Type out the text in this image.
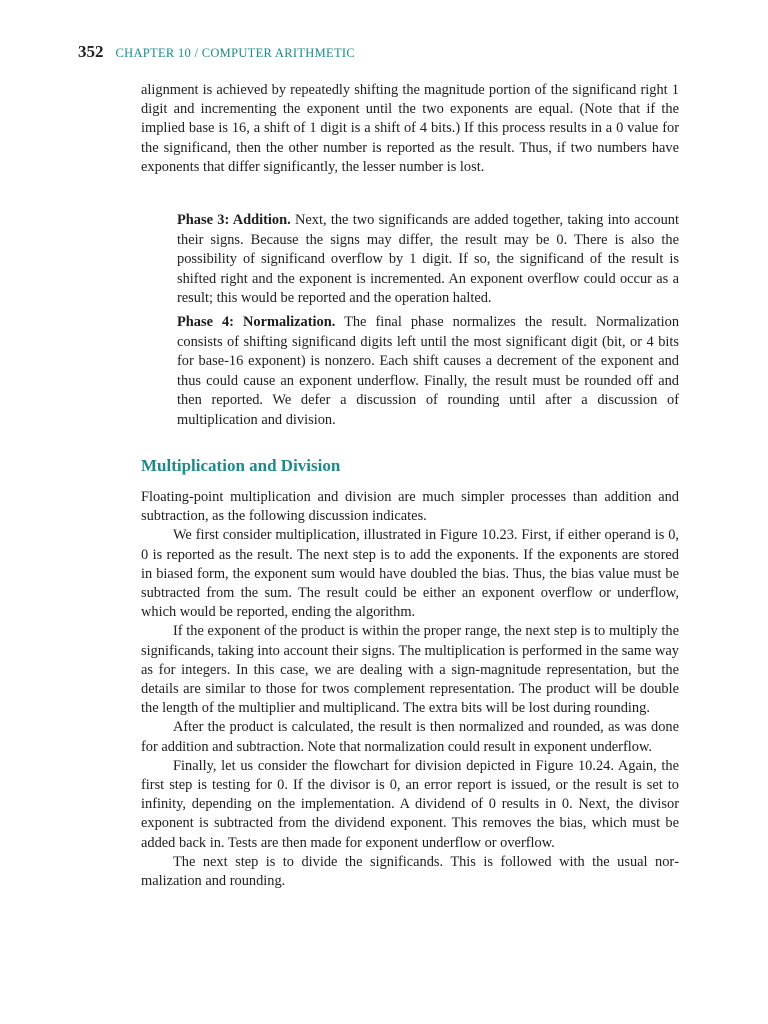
352 CHAPTER 10 / COMPUTER ARITHMETIC

alignment is achieved by repeatedly shifting the magnitude portion of the significand right 1 digit and incrementing the exponent until the two exponents are equal. (Note that if the implied base is 16, a shift of 1 digit is a shift of 4 bits.) If this process results in a 0 value for the significand, then the other number is reported as the result. Thus, if two numbers have exponents that differ significantly, the lesser number is lost.

Phase 3: Addition. Next, the two significands are added together, taking into account their signs. Because the signs may differ, the result may be 0. There is also the possibility of significand overflow by 1 digit. If so, the significand of the result is shifted right and the exponent is incremented. An exponent overflow could occur as a result; this would be reported and the operation halted.

Phase 4: Normalization. The final phase normalizes the result. Normalization consists of shifting significand digits left until the most significant digit (bit, or 4 bits for base-16 exponent) is nonzero. Each shift causes a decrement of the exponent and thus could cause an exponent underflow. Finally, the result must be rounded off and then reported. We defer a discussion of rounding until after a discussion of multiplication and division.

Multiplication and Division

Floating-point multiplication and division are much simpler processes than addition and subtraction, as the following discussion indicates.

We first consider multiplication, illustrated in Figure 10.23. First, if either operand is 0, 0 is reported as the result. The next step is to add the exponents. If the exponents are stored in biased form, the exponent sum would have doubled the bias. Thus, the bias value must be subtracted from the sum. The result could be either an exponent overflow or underflow, which would be reported, ending the algorithm.

If the exponent of the product is within the proper range, the next step is to multiply the significands, taking into account their signs. The multiplication is performed in the same way as for integers. In this case, we are dealing with a sign-magnitude representation, but the details are similar to those for twos complement representation. The product will be double the length of the multiplier and multiplicand. The extra bits will be lost during rounding.

After the product is calculated, the result is then normalized and rounded, as was done for addition and subtraction. Note that normalization could result in exponent underflow.

Finally, let us consider the flowchart for division depicted in Figure 10.24. Again, the first step is testing for 0. If the divisor is 0, an error report is issued, or the result is set to infinity, depending on the implementation. A dividend of 0 results in 0. Next, the divisor exponent is subtracted from the dividend exponent. This removes the bias, which must be added back in. Tests are then made for exponent underflow or overflow.

The next step is to divide the significands. This is followed with the usual normalization and rounding.
